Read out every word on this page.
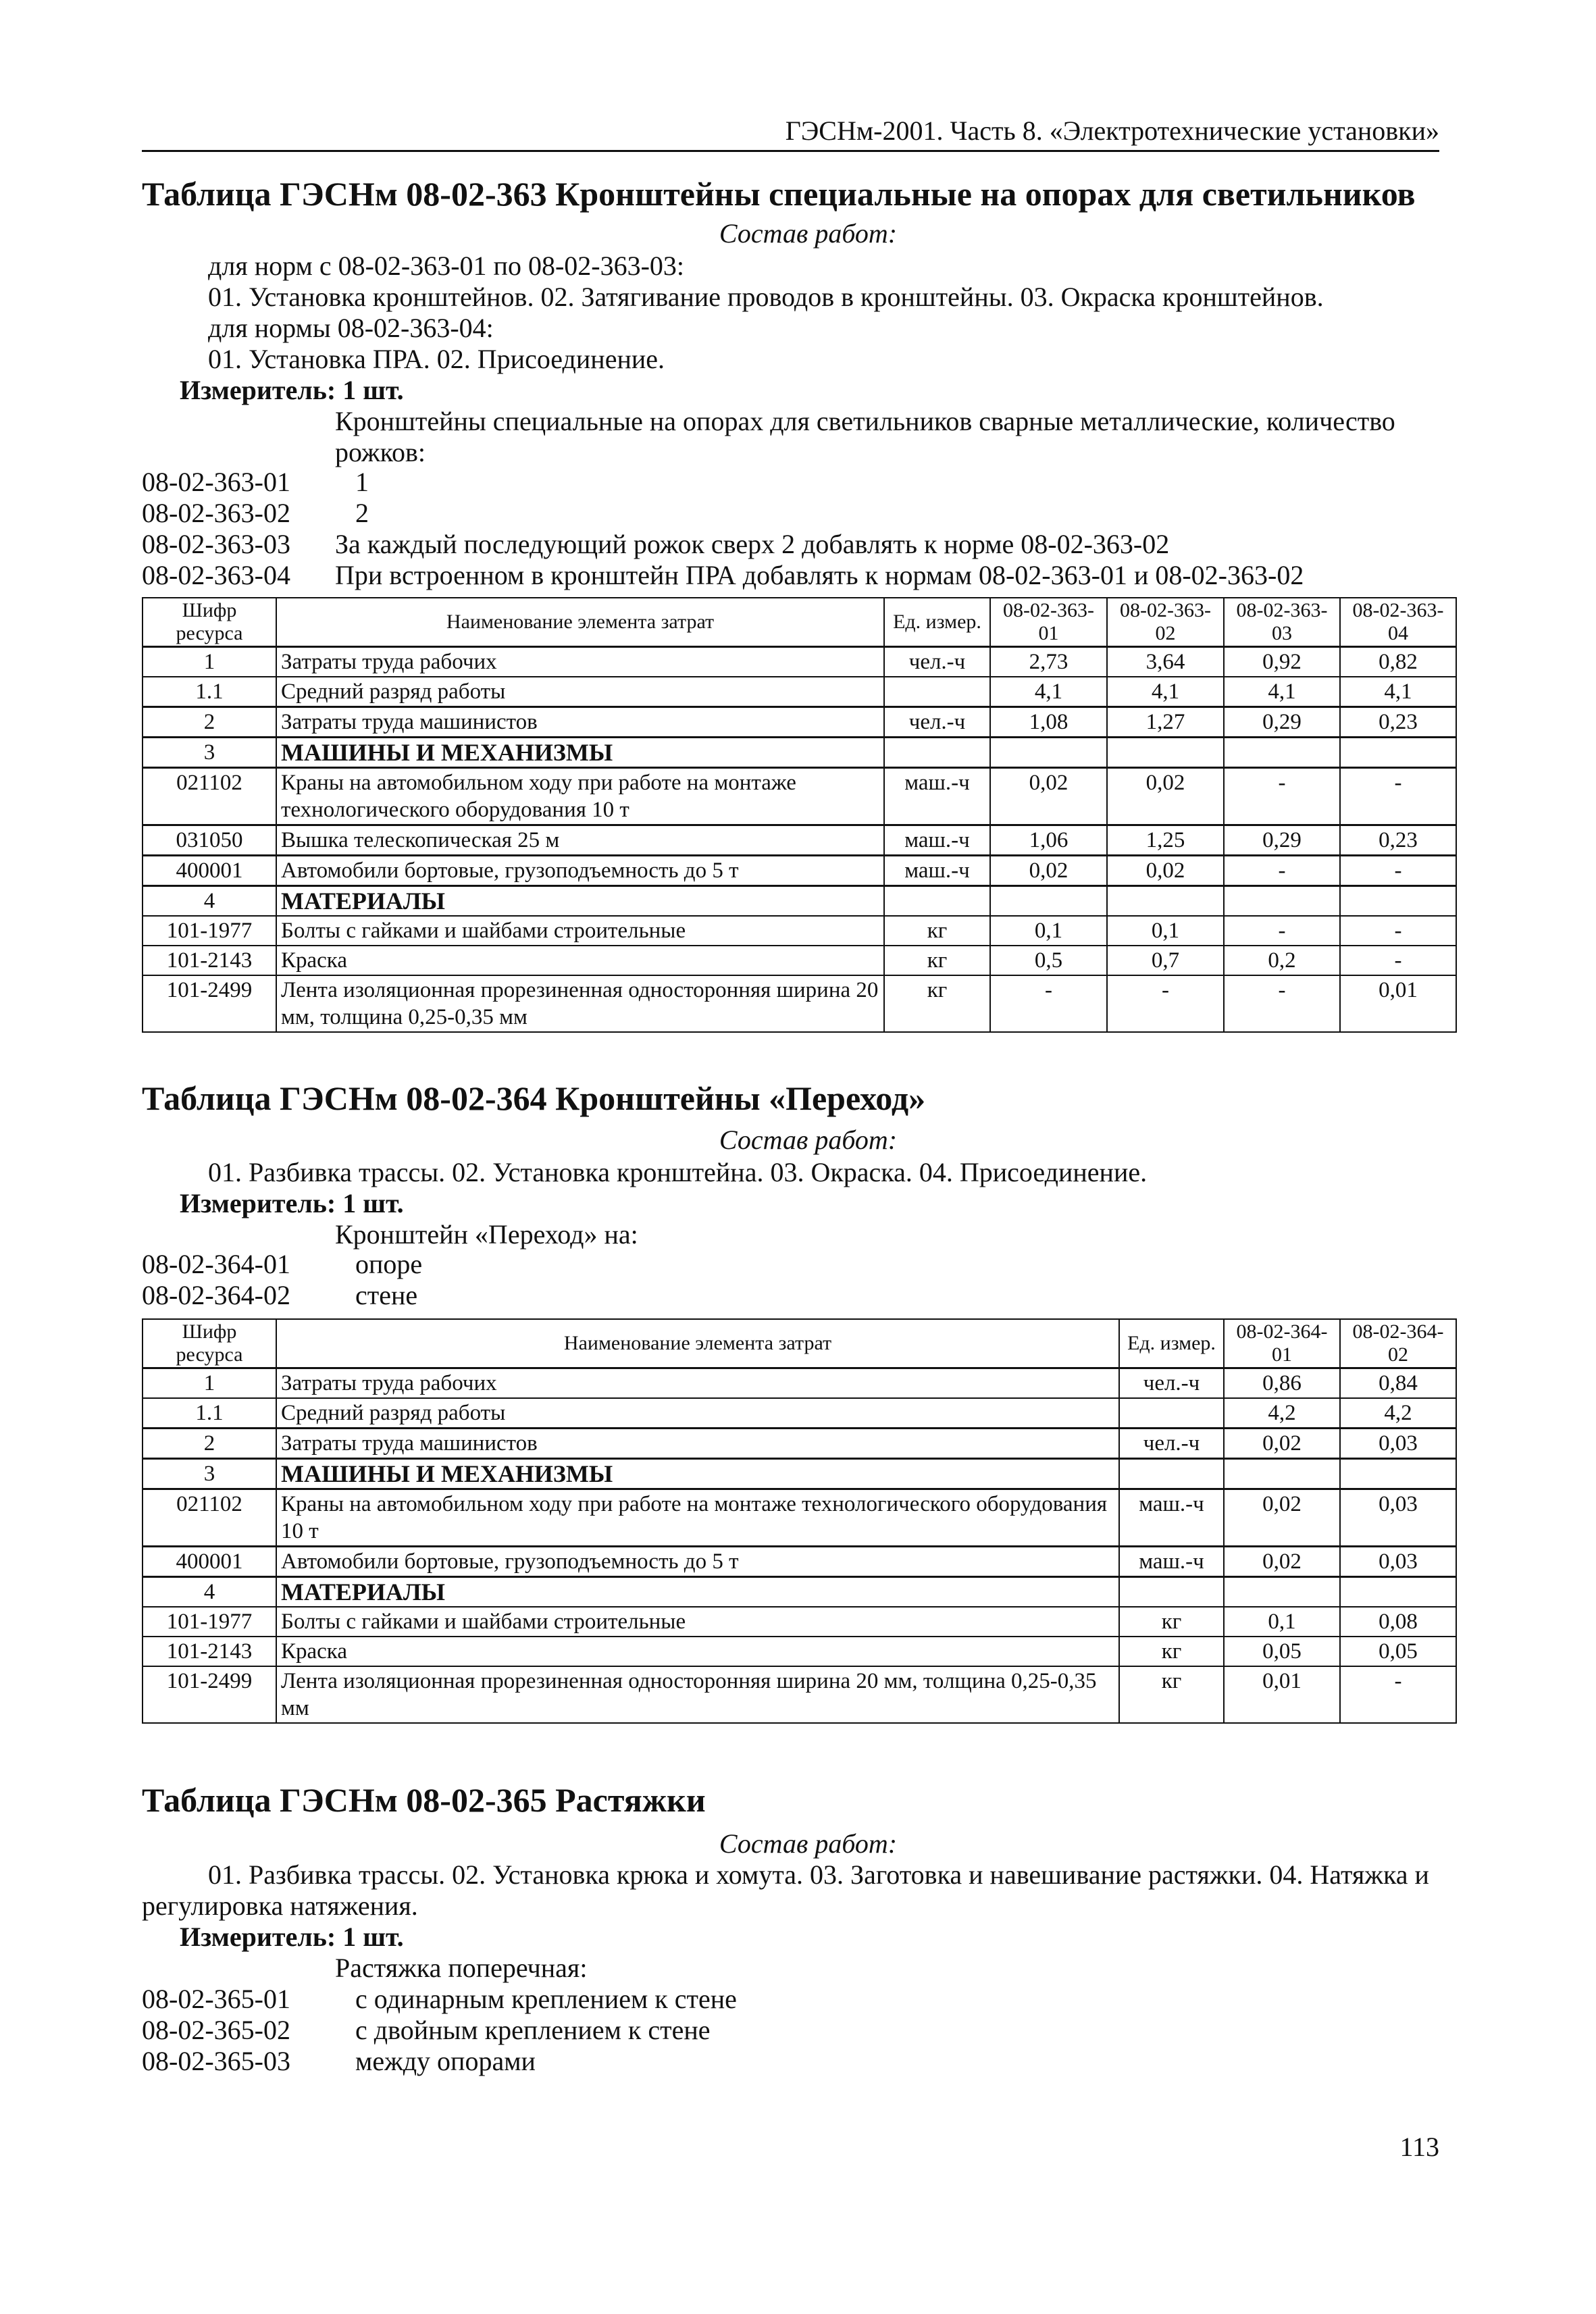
ГЭСНм-2001. Часть 8. «Электротехнические установки»
Таблица ГЭСНм 08-02-363 Кронштейны специальные на опорах для светильников
Состав работ:
для норм с 08-02-363-01 по 08-02-363-03:
01. Установка кронштейнов. 02. Затягивание проводов в кронштейны. 03. Окраска кронштейнов.
для нормы 08-02-363-04:
01. Установка ПРА. 02. Присоединение.
Измеритель: 1 шт.
Кронштейны специальные на опорах для светильников сварные металлические, количество
рожков:
08-02-363-01 1
08-02-363-02 2
08-02-363-03 За каждый последующий рожок сверх 2 добавлять к норме 08-02-363-02
08-02-363-04 При встроенном в кронштейн ПРА добавлять к нормам 08-02-363-01 и 08-02-363-02
Шифр ресурса	Наименование элемента затрат	Ед. измер.	08-02-363-01	08-02-363-02	08-02-363-03	08-02-363-04
1	Затраты труда рабочих	чел.-ч	2,73	3,64	0,92	0,82
1.1	Средний разряд работы		4,1	4,1	4,1	4,1
2	Затраты труда машинистов	чел.-ч	1,08	1,27	0,29	0,23
3	МАШИНЫ И МЕХАНИЗМЫ					
021102	Краны на автомобильном ходу при работе на монтаже технологического оборудования 10 т	маш.-ч	0,02	0,02	-	-
031050	Вышка телескопическая 25 м	маш.-ч	1,06	1,25	0,29	0,23
400001	Автомобили бортовые, грузоподъемность до 5 т	маш.-ч	0,02	0,02	-	-
4	МАТЕРИАЛЫ					
101-1977	Болты с гайками и шайбами строительные	кг	0,1	0,1	-	-
101-2143	Краска	кг	0,5	0,7	0,2	-
101-2499	Лента изоляционная прорезиненная односторонняя ширина 20 мм, толщина 0,25-0,35 мм	кг	-	-	-	0,01
Таблица ГЭСНм 08-02-364 Кронштейны «Переход»
Состав работ:
01. Разбивка трассы. 02. Установка кронштейна. 03. Окраска. 04. Присоединение.
Измеритель: 1 шт.
Кронштейн «Переход» на:
08-02-364-01 опоре
08-02-364-02 стене
Шифр ресурса	Наименование элемента затрат	Ед. измер.	08-02-364-01	08-02-364-02
1	Затраты труда рабочих	чел.-ч	0,86	0,84
1.1	Средний разряд работы		4,2	4,2
2	Затраты труда машинистов	чел.-ч	0,02	0,03
3	МАШИНЫ И МЕХАНИЗМЫ			
021102	Краны на автомобильном ходу при работе на монтаже технологического оборудования 10 т	маш.-ч	0,02	0,03
400001	Автомобили бортовые, грузоподъемность до 5 т	маш.-ч	0,02	0,03
4	МАТЕРИАЛЫ			
101-1977	Болты с гайками и шайбами строительные	кг	0,1	0,08
101-2143	Краска	кг	0,05	0,05
101-2499	Лента изоляционная прорезиненная односторонняя ширина 20 мм, толщина 0,25-0,35 мм	кг	0,01	-
Таблица ГЭСНм 08-02-365 Растяжки
Состав работ:
01. Разбивка трассы. 02. Установка крюка и хомута. 03. Заготовка и навешивание растяжки. 04. Натяжка и
регулировка натяжения.
Измеритель: 1 шт.
Растяжка поперечная:
08-02-365-01 с одинарным креплением к стене
08-02-365-02 с двойным креплением к стене
08-02-365-03 между опорами
113
